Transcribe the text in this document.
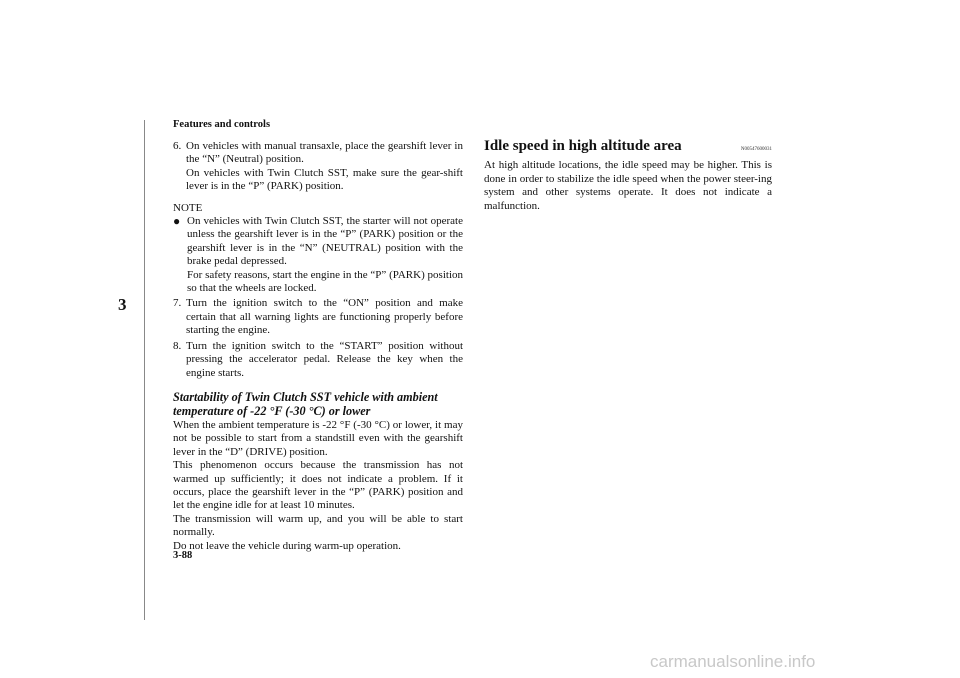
Features and controls
3
6. On vehicles with manual transaxle, place the gearshift lever in the “N” (Neutral) position.

On vehicles with Twin Clutch SST, make sure the gear-shift lever is in the “P” (PARK) position.

NOTE
● On vehicles with Twin Clutch SST, the starter will not operate unless the gearshift lever is in the “P” (PARK) position or the gearshift lever is in the “N” (NEUTRAL) position with the brake pedal depressed.

For safety reasons, start the engine in the “P” (PARK) position so that the wheels are locked.

7. Turn the ignition switch to the “ON” position and make certain that all warning lights are functioning properly before starting the engine.

8. Turn the ignition switch to the “START” position without pressing the accelerator pedal. Release the key when the engine starts.

Startability of Twin Clutch SST vehicle with ambient temperature of -22 °F (-30 °C) or lower

When the ambient temperature is -22 °F (-30 °C) or lower, it may not be possible to start from a standstill even with the gearshift lever in the “D” (DRIVE) position.

This phenomenon occurs because the transmission has not warmed up sufficiently; it does not indicate a problem. If it occurs, place the gearshift lever in the “P” (PARK) position and let the engine idle for at least 10 minutes.

The transmission will warm up, and you will be able to start normally.

Do not leave the vehicle during warm-up operation.

Idle speed in high altitude area	N00547600031
At high altitude locations, the idle speed may be higher. This is done in order to stabilize the idle speed when the power steer-ing system and other systems operate. It does not indicate a malfunction.
3-88
carmanualsonline.info
